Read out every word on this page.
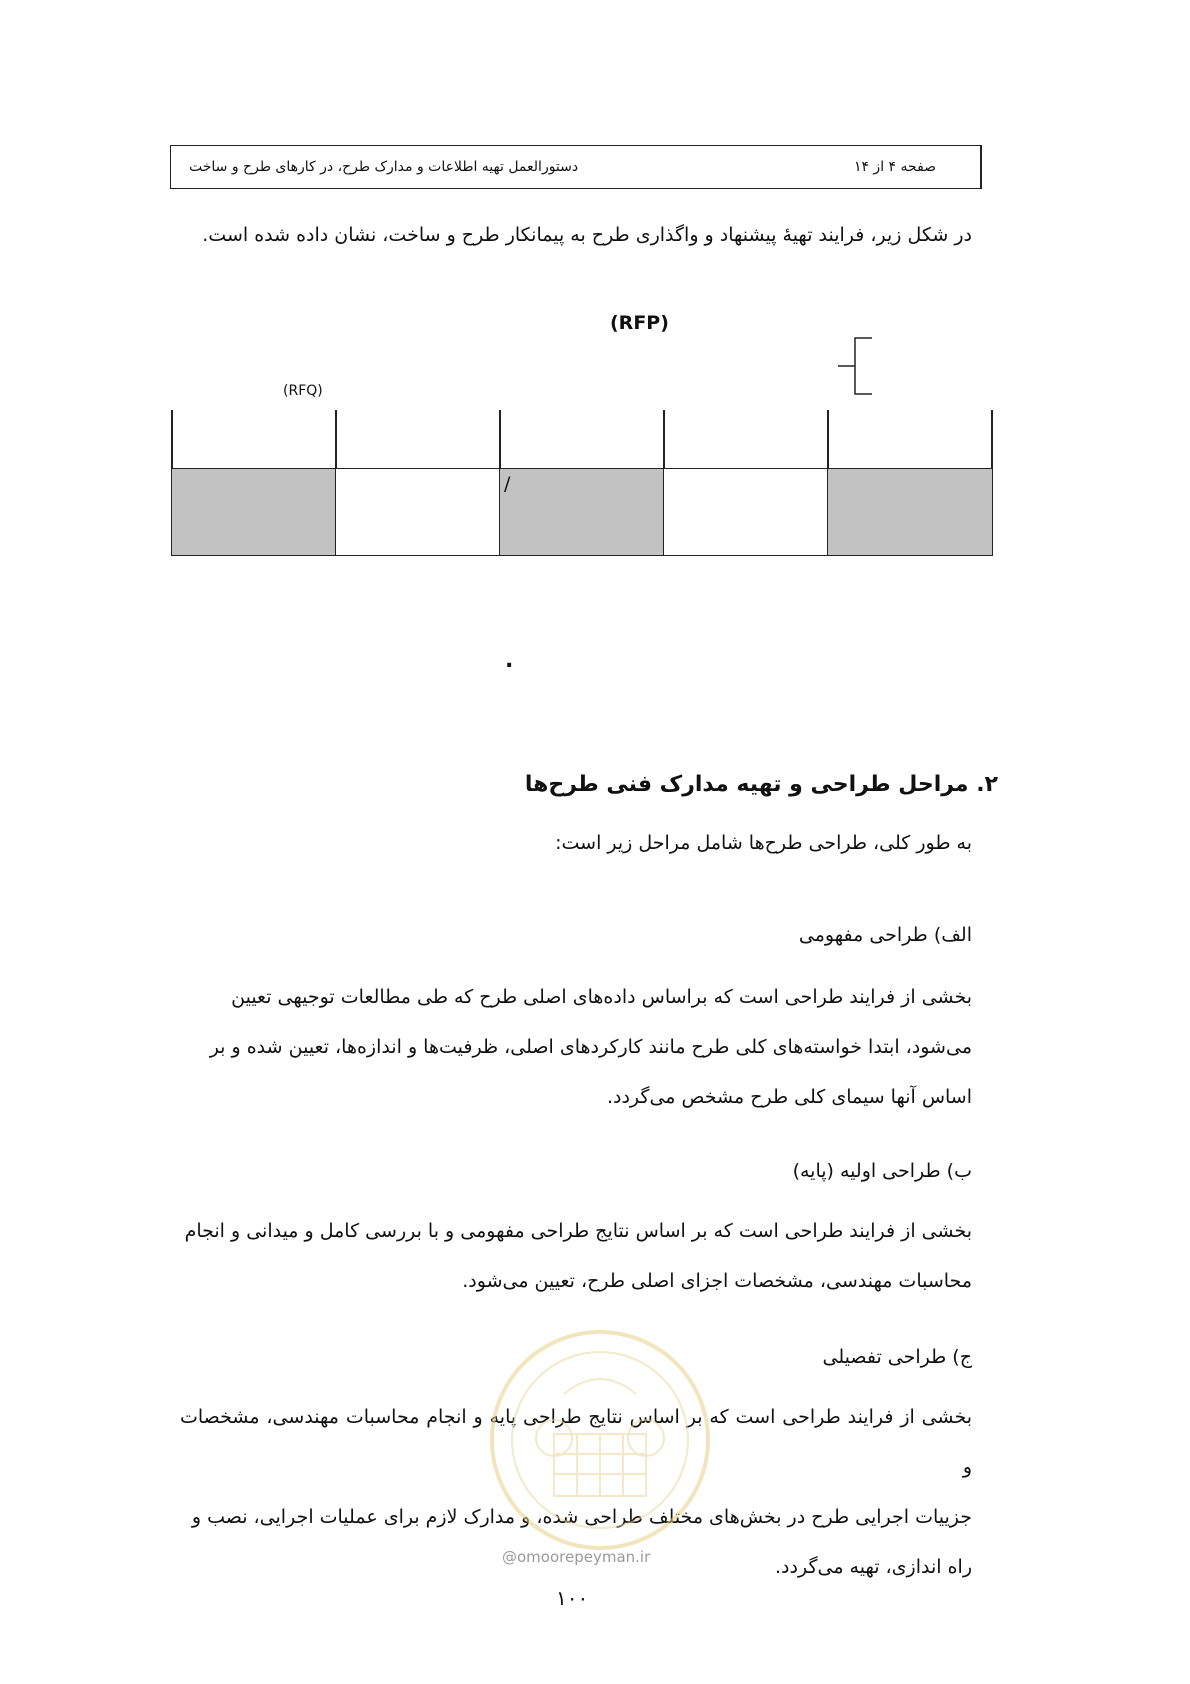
دستورالعمل تهیه اطلاعات و مدارک طرح، در کارهای طرح و ساخت	صفحه ۴ از ۱۴
در شکل زیر، فرایند تهیۀ پیشنهاد و واگذاری طرح به پیمانکار طرح و ساخت، نشان داده شده است.
(RFP)
(RFQ)
/
.
۲. مراحل طراحی و تهیه مدارک فنی طرح‌ها
به طور کلی، طراحی طرح‌ها شامل مراحل زیر است:
الف) طراحی مفهومی
بخشی از فرایند طراحی است که براساس داده‌های اصلی طرح که طی مطالعات توجیهی تعیین
می‌شود، ابتدا خواسته‌های کلی طرح مانند کارکردهای اصلی، ظرفیت‌ها و اندازه‌ها، تعیین شده و بر
اساس آنها سیمای کلی طرح مشخص می‌گردد.
ب) طراحی اولیه (پایه)
بخشی از فرایند طراحی است که بر اساس نتایج طراحی مفهومی و با بررسی کامل و میدانی و انجام
محاسبات مهندسی، مشخصات اجزای اصلی طرح، تعیین می‌شود.
ج) طراحی تفصیلی
بخشی از فرایند طراحی است که بر اساس نتایج طراحی پایه و انجام محاسبات مهندسی، مشخصات و
جزییات اجرایی طرح در بخش‌های مختلف طراحی شده، و مدارک لازم برای عملیات اجرایی، نصب و
راه اندازی، تهیه می‌گردد.
@omoorepeyman.ir
۱۰۰
